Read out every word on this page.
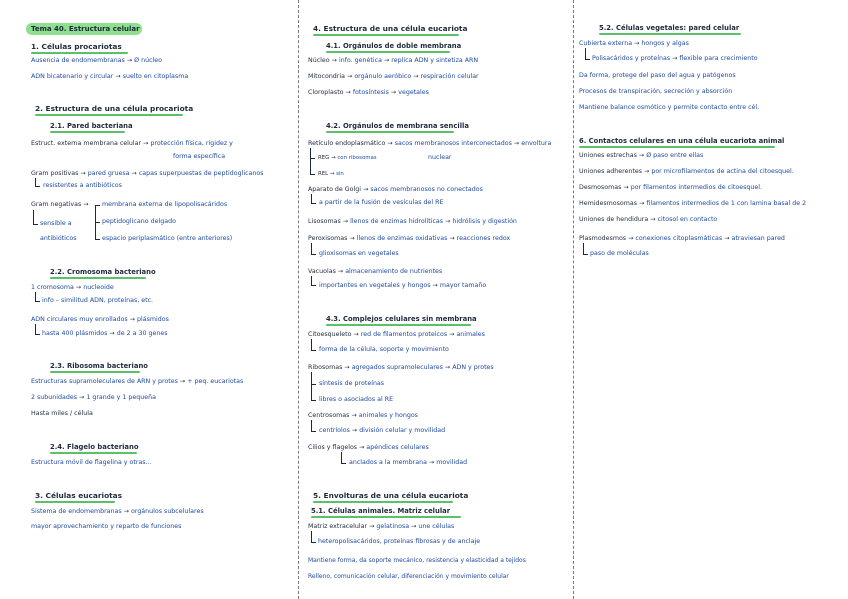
Tema 40. Estructura celular
1. Células procariotas
Ausencia de endomembranas → Ø núcleo
ADN bicatenario y circular → suelto en citoplasma
2. Estructura de una célula procariota
2.1. Pared bacteriana
Estruct. externa membrana celular → protección física, rigidez y
forma específica
Gram positivas → pared gruesa → capas superpuestas de peptidoglicanos
resistentes a antibióticos
Gram negativas → membrana externa de lipopolisacáridos
sensible a	peptidoglicano delgado
antibióticos	espacio periplasmático (entre anteriores)
2.2. Cromosoma bacteriano
1 cromosoma → nucleoide
info – similitud ADN, proteínas, etc.
ADN circulares muy enrollados → plásmidos
hasta 400 plásmidos → de 2 a 30 genes
2.3. Ribosoma bacteriano
Estructuras supramoleculares de ARN y protes → + peq. eucariotas
2 subunidades → 1 grande y 1 pequeña
Hasta miles / célula
2.4. Flagelo bacteriano
Estructura móvil de flagelina y otras...
3. Células eucariotas
Sistema de endomembranas → orgánulos subcelulares
mayor aprovechamiento y reparto de funciones
4. Estructura de una célula eucariota
4.1. Orgánulos de doble membrana
Núcleo → info. genética → replica ADN y sintetiza ARN
Mitocondria → orgánulo aeróbico → respiración celular
Cloroplasto → fotosíntesis → vegetales
4.2. Orgánulos de membrana sencilla
Retículo endoplasmático → sacos membranosos interconectados → envoltura
REG → con ribosomas	nuclear
REL → sin
Aparato de Golgi → sacos membranosos no conectados
a partir de la fusión de vesículas del RE
Lisosomas → llenos de enzimas hidrolíticas → hidrólisis y digestión
Peroxisomas → llenos de enzimas oxidativas → reacciones redox
glioxisomas en vegetales
Vacuolas → almacenamiento de nutrientes
importantes en vegetales y hongos → mayor tamaño
4.3. Complejos celulares sin membrana
Citoesqueleto → red de filamentos proteicos → animales
forma de la célula, soporte y movimiento
Ribosomas → agregados supramoleculares → ADN y protes
síntesis de proteínas
libres o asociados al RE
Centrosomas → animales y hongos
centríolos → división celular y movilidad
Cilios y flagelos → apéndices celulares
anclados a la membrana → movilidad
5. Envolturas de una célula eucariota
5.1. Células animales. Matriz celular
Matriz extracelular → gelatinosa → une células
heteropolisacáridos, proteínas fibrosas y de anclaje
Mantiene forma, da soporte mecánico, resistencia y elasticidad a tejidos
Relleno, comunicación celular, diferenciación y movimiento celular
5.2. Células vegetales: pared celular
Cubierta externa → hongos y algas
Polisacáridos y proteínas → flexible para crecimiento
Da forma, protege del paso del agua y patógenos
Procesos de transpiración, secreción y absorción
Mantiene balance osmótico y permite contacto entre cél.
6. Contactos celulares en una célula eucariota animal
Uniones estrechas → Ø paso entre ellas
Uniones adherentes → por microfilamentos de actina del citoesquel.
Desmosomas → por filamentos intermedios de citoesquel.
Hemidesmosomas → filamentos intermedios de 1 con lamina basal de 2
Uniones de hendidura → citosol en contacto
Plasmodesmos → conexiones citoplasmáticas → atraviesan pared
paso de moléculas
